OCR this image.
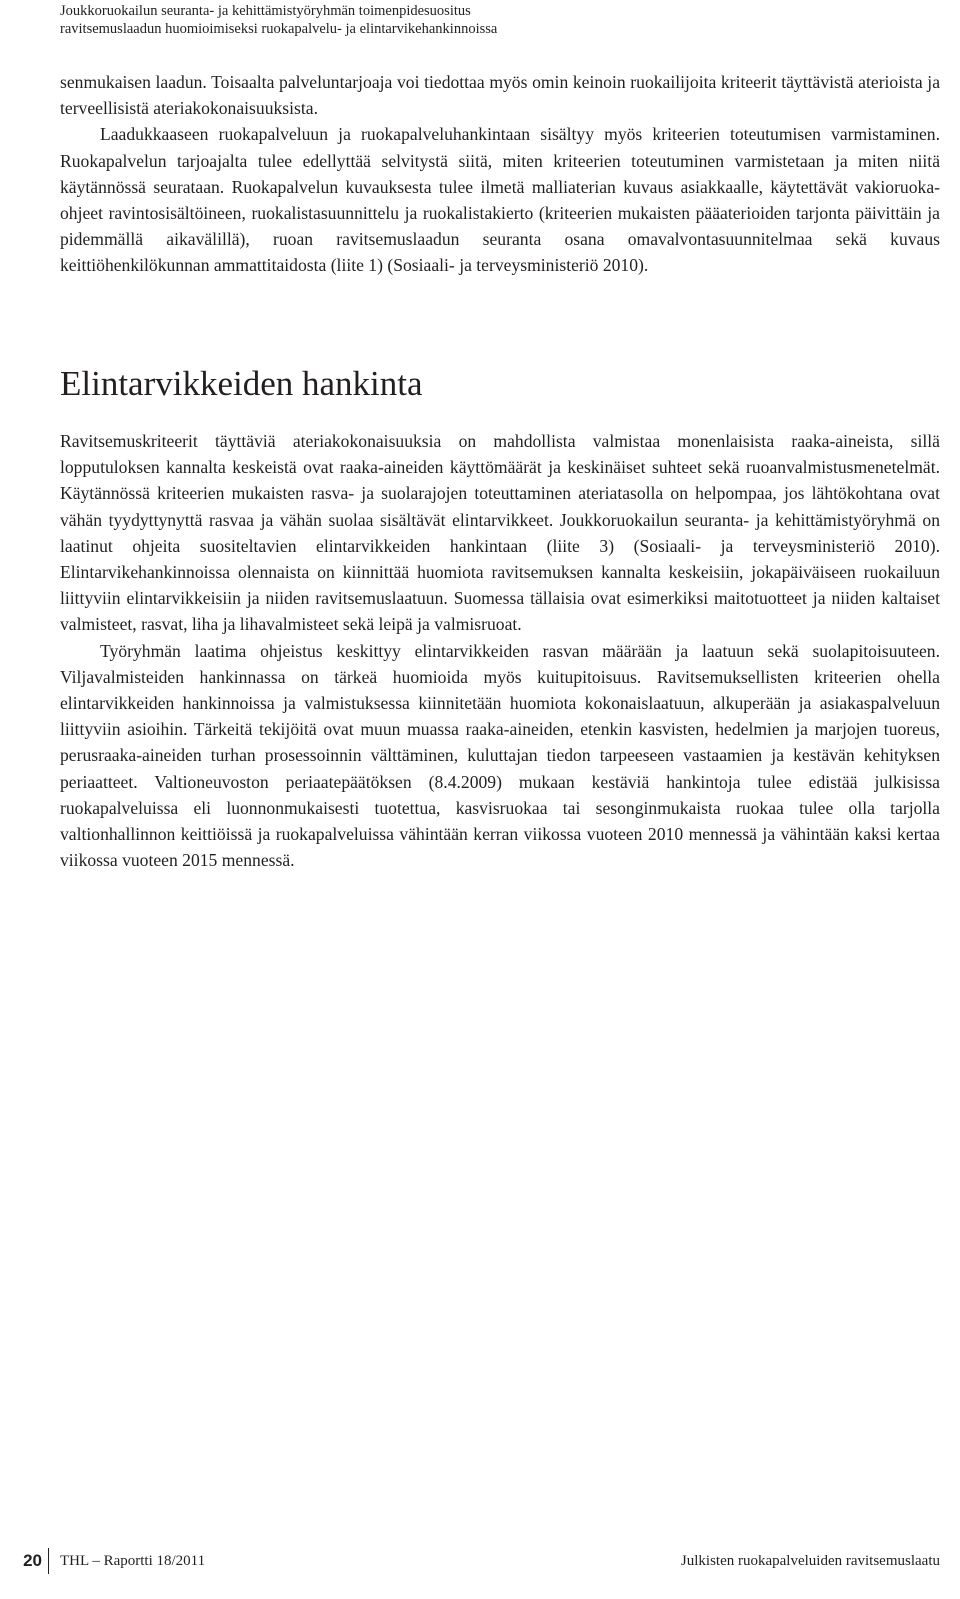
Joukkoruokailun seuranta- ja kehittämistyöryhmän toimenpidesuositus
ravitsemuslaadun huomioimiseksi ruokapalvelu- ja elintarvikehankinnoissa

senmukaisen laadun. Toisaalta palveluntarjoaja voi tiedottaa myös omin keinoin ruokailijoita kriteerit täyttävistä aterioista ja terveellisistä ateriakokonaisuuksista.

Laadukkaaseen ruokapalveluun ja ruokapalveluhankintaan sisältyy myös kriteerien toteutumisen varmistaminen. Ruokapalvelun tarjoajalta tulee edellyttää selvitystä siitä, miten kriteerien toteutuminen varmistetaan ja miten niitä käytännössä seurataan. Ruokapalvelun kuvauksesta tulee ilmetä malliaterian kuvaus asiakkaalle, käytettävät vakioruoka-ohjeet ravintosisältöineen, ruokalistasuunnittelu ja ruokalistakierto (kriteerien mukaisten pääaterioiden tarjonta päivittäin ja pidemmällä aikavälillä), ruoan ravitsemuslaadun seuranta osana omavalvontasuunnitelmaa sekä kuvaus keittiöhenkilökunnan ammattitaidosta (liite 1) (Sosiaali- ja terveysministeriö 2010).

Elintarvikkeiden hankinta

Ravitsemuskriteerit täyttäviä ateriakokonaisuuksia on mahdollista valmistaa monenlaisista raaka-aineista, sillä lopputuloksen kannalta keskeistä ovat raaka-aineiden käyttömäärät ja keskinäiset suhteet sekä ruoanvalmistusmenetelmät. Käytännössä kriteerien mukaisten rasva- ja suolarajojen toteuttaminen ateriatasolla on helpompaa, jos lähtökohtana ovat vähän tyydyttynyttä rasvaa ja vähän suolaa sisältävät elintarvikkeet. Joukkoruokailun seuranta- ja kehittämistyöryhmä on laatinut ohjeita suositeltavien elintarvikkeiden hankintaan (liite 3) (Sosiaali- ja terveysministeriö 2010). Elintarvikehankinnoissa olennaista on kiinnittää huomiota ravitsemuksen kannalta keskeisiin, jokapäiväiseen ruokailuun liittyviin elintarvikkeisiin ja niiden ravitsemuslaatuun. Suomessa tällaisia ovat esimerkiksi maitotuotteet ja niiden kaltaiset valmisteet, rasvat, liha ja lihavalmisteet sekä leipä ja valmisruoat.

Työryhmän laatima ohjeistus keskittyy elintarvikkeiden rasvan määrään ja laatuun sekä suolapitoisuuteen. Viljavalmisteiden hankinnassa on tärkeä huomioida myös kuitupitoisuus. Ravitsemuksellisten kriteerien ohella elintarvikkeiden hankinnoissa ja valmistuksessa kiinnitetään huomiota kokonaislaatuun, alkuperään ja asiakaspalveluun liittyviin asioihin. Tärkeitä tekijöitä ovat muun muassa raaka-aineiden, etenkin kasvisten, hedelmien ja marjojen tuoreus, perusraaka-aineiden turhan prosessoinnin välttäminen, kuluttajan tiedon tarpeeseen vastaamien ja kestävän kehityksen periaatteet. Valtioneuvoston periaatepäätöksen (8.4.2009) mukaan kestäviä hankintoja tulee edistää julkisissa ruokapalveluissa eli luonnonmukaisesti tuotettua, kasvisruokaa tai sesonginmukaista ruokaa tulee olla tarjolla valtionhallinnon keittiöissä ja ruokapalveluissa vähintään kerran viikossa vuoteen 2010 mennessä ja vähintään kaksi kertaa viikossa vuoteen 2015 mennessä.

20 THL – Raportti 18/2011	Julkisten ruokapalveluiden ravitsemuslaatu
